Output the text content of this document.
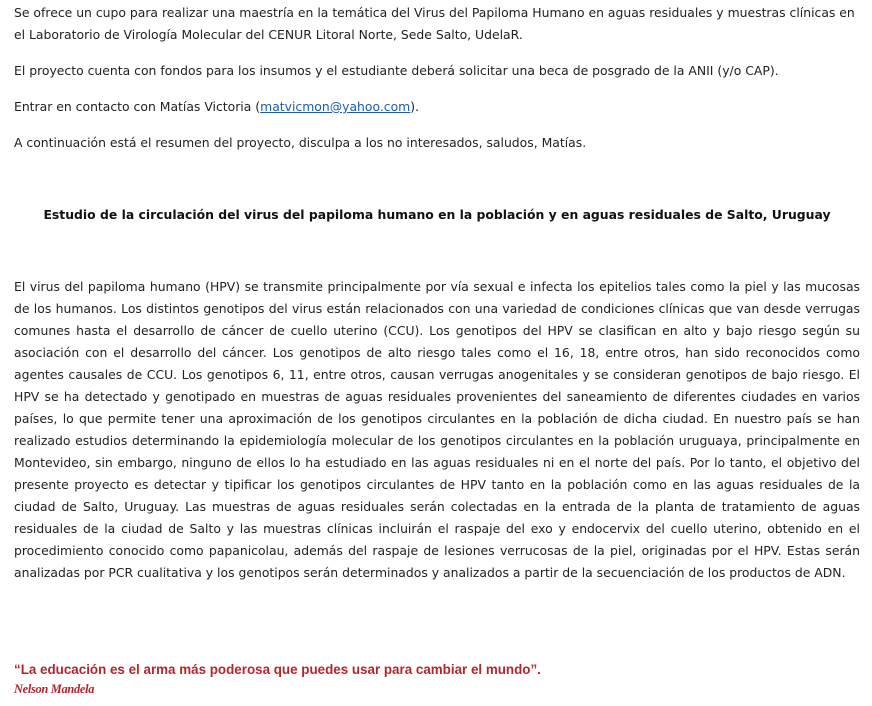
Se ofrece un cupo para realizar una maestría en la temática del Virus del Papiloma Humano en aguas residuales y muestras clínicas en el Laboratorio de Virología Molecular del CENUR Litoral Norte, Sede Salto, UdelaR.

El proyecto cuenta con fondos para los insumos y el estudiante deberá solicitar una beca de posgrado de la ANII (y/o CAP).

Entrar en contacto con Matías Victoria (matvicmon@yahoo.com).

A continuación está el resumen del proyecto, disculpa a los no interesados, saludos, Matías.

Estudio de la circulación del virus del papiloma humano en la población y en aguas residuales de Salto, Uruguay

El virus del papiloma humano (HPV) se transmite principalmente por vía sexual e infecta los epitelios tales como la piel y las mucosas de los humanos. Los distintos genotipos del virus están relacionados con una variedad de condiciones clínicas que van desde verrugas comunes hasta el desarrollo de cáncer de cuello uterino (CCU). Los genotipos del HPV se clasifican en alto y bajo riesgo según su asociación con el desarrollo del cáncer. Los genotipos de alto riesgo tales como el 16, 18, entre otros, han sido reconocidos como agentes causales de CCU. Los genotipos 6, 11, entre otros, causan verrugas anogenitales y se consideran genotipos de bajo riesgo. El HPV se ha detectado y genotipado en muestras de aguas residuales provenientes del saneamiento de diferentes ciudades en varios países, lo que permite tener una aproximación de los genotipos circulantes en la población de dicha ciudad. En nuestro país se han realizado estudios determinando la epidemiología molecular de los genotipos circulantes en la población uruguaya, principalmente en Montevideo, sin embargo, ninguno de ellos lo ha estudiado en las aguas residuales ni en el norte del país. Por lo tanto, el objetivo del presente proyecto es detectar y tipificar los genotipos circulantes de HPV tanto en la población como en las aguas residuales de la ciudad de Salto, Uruguay. Las muestras de aguas residuales serán colectadas en la entrada de la planta de tratamiento de aguas residuales de la ciudad de Salto y las muestras clínicas incluirán el raspaje del exo y endocervix del cuello uterino, obtenido en el procedimiento conocido como papanicolau, además del raspaje de lesiones verrucosas de la piel, originadas por el HPV. Estas serán analizadas por PCR cualitativa y los genotipos serán determinados y analizados a partir de la secuenciación de los productos de ADN.

“La educación es el arma más poderosa que puedes usar para cambiar el mundo”.
Nelson Mandela
